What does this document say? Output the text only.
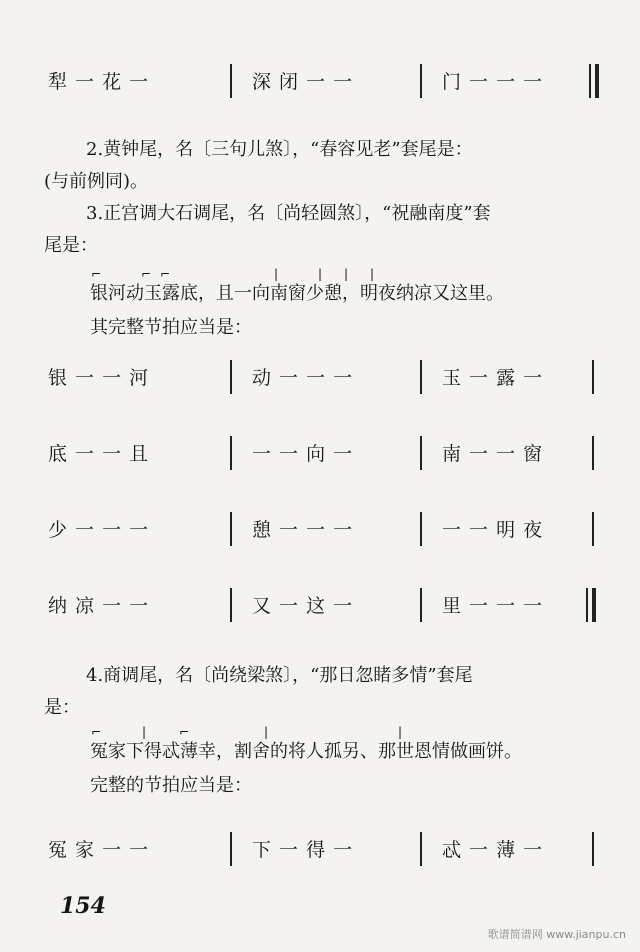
犁 一 花 一	深 闭 一 一	门 一 一 一
2.黄钟尾，名〔三句儿煞〕，“春容见老”套尾是：
(与前例同)。
3.正宫调大石调尾，名〔尚轻圆煞〕，“祝融南度”套
尾是：
⌐	⌐ ⌐	|	| | |
银河动玉露底，且一向南窗少憩，明夜纳凉又这里。
其完整节拍应当是：
银 一 一 河	动 一 一 一	玉 一 露 一
底 一 一 且	一 一 向 一	南 一 一 窗
少 一 一 一	憩 一 一 一	一 一 明 夜
纳 凉 一 一	又 一 这 一	里 一 一 一
4.商调尾，名〔尚绕梁煞〕，“那日忽睹多情”套尾
是：
⌐	|	⌐	|	|
冤家下得忒薄幸，割舍的将人孤另、那世恩情做画饼。
完整的节拍应当是：
冤 家 一 一	下 一 得 一	忒 一 薄 一
154
歌谱简谱网 www.jianpu.cn
